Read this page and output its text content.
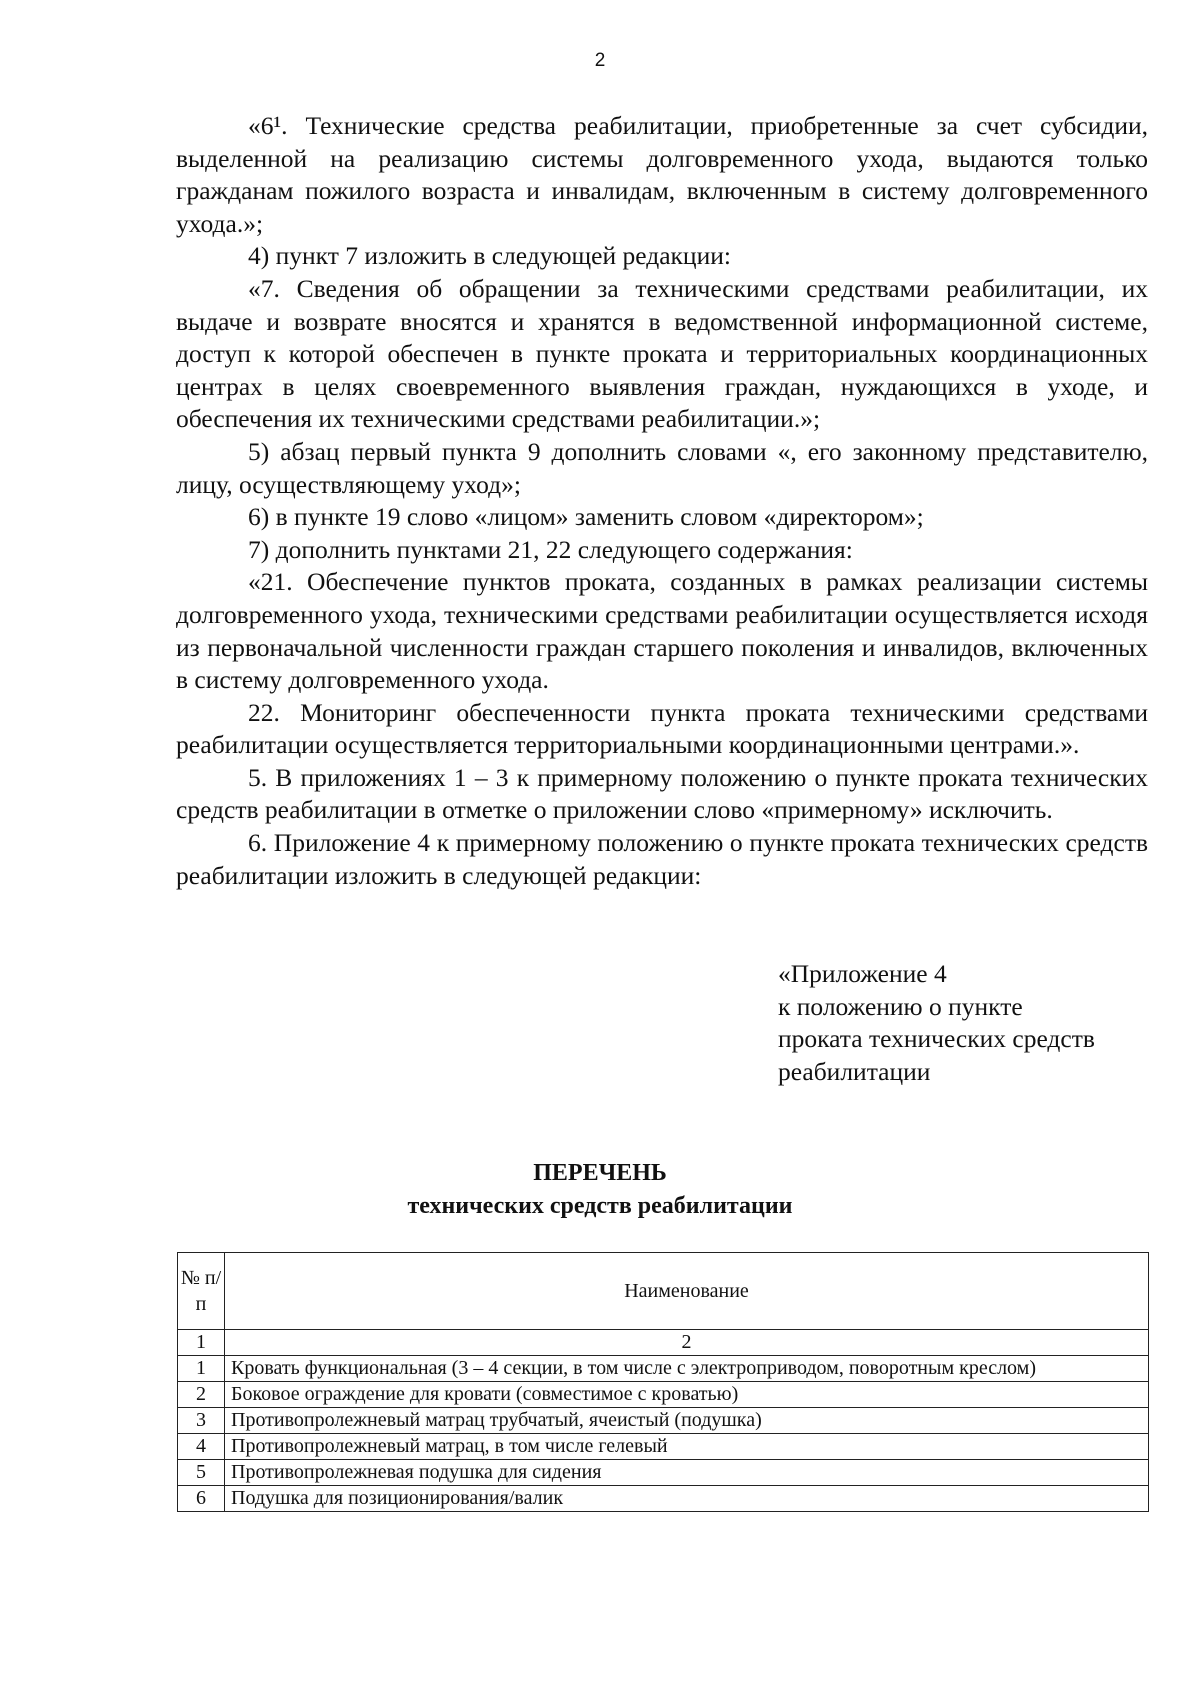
2

«6¹. Технические средства реабилитации, приобретенные за счет субсидии, выделенной на реализацию системы долговременного ухода, выдаются только гражданам пожилого возраста и инвалидам, включенным в систему долговременного ухода.»;

4) пункт 7 изложить в следующей редакции:

«7. Сведения об обращении за техническими средствами реабилитации, их выдаче и возврате вносятся и хранятся в ведомственной информационной системе, доступ к которой обеспечен в пункте проката и территориальных координационных центрах в целях своевременного выявления граждан, нуждающихся в уходе, и обеспечения их техническими средствами реабилитации.»;

5) абзац первый пункта 9 дополнить словами «, его законному представителю, лицу, осуществляющему уход»;

6) в пункте 19 слово «лицом» заменить словом «директором»;

7) дополнить пунктами 21, 22 следующего содержания:

«21. Обеспечение пунктов проката, созданных в рамках реализации системы долговременного ухода, техническими средствами реабилитации осуществляется исходя из первоначальной численности граждан старшего поколения и инвалидов, включенных в систему долговременного ухода.

22. Мониторинг обеспеченности пункта проката техническими средствами реабилитации осуществляется территориальными координационными центрами.».

5. В приложениях 1 – 3 к примерному положению о пункте проката технических средств реабилитации в отметке о приложении слово «примерному» исключить.

6. Приложение 4 к примерному положению о пункте проката технических средств реабилитации изложить в следующей редакции:

«Приложение 4
к положению о пункте
проката технических средств
реабилитации
ПЕРЕЧЕНЬ
технических средств реабилитации
№ п/п	Наименование
1	2
1	Кровать функциональная (3 – 4 секции, в том числе с электроприводом, поворотным креслом)
2	Боковое ограждение для кровати (совместимое с кроватью)
3	Противопролежневый матрац трубчатый, ячеистый (подушка)
4	Противопролежневый матрац, в том числе гелевый
5	Противопролежневая подушка для сидения
6	Подушка для позиционирования/валик
